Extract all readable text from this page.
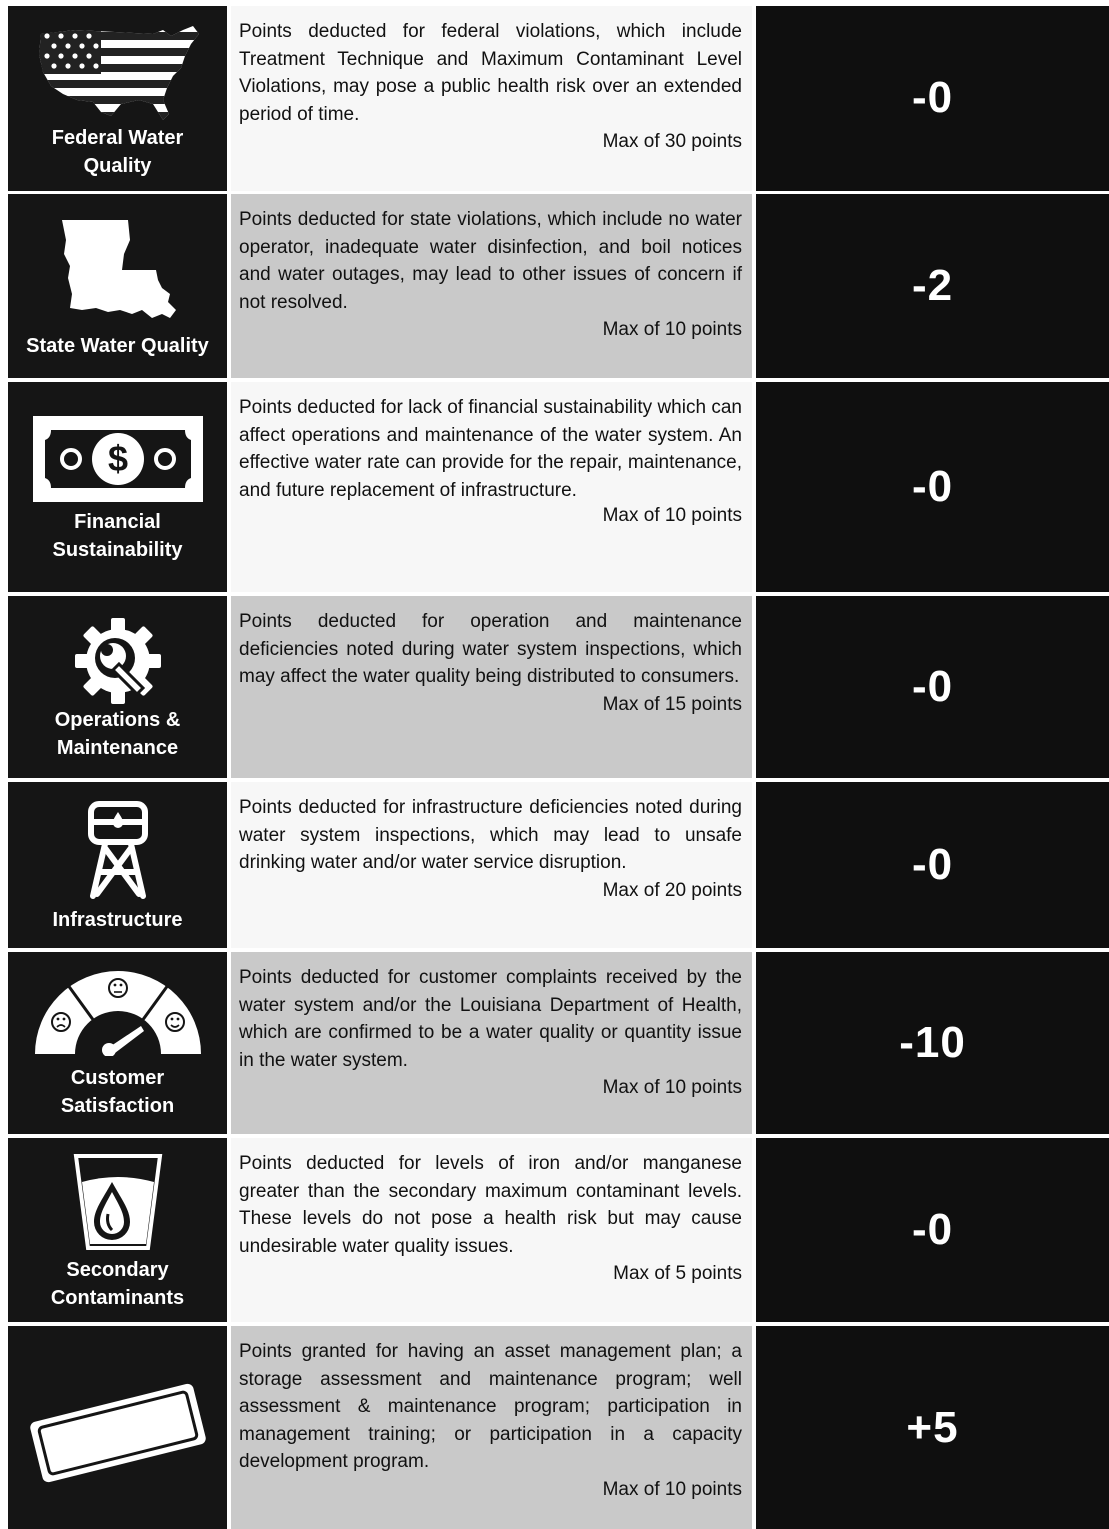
Federal Water Quality

Points deducted for federal violations, which include Treatment Technique and Maximum Contaminant Level Violations, may pose a public health risk over an extended period of time.

Max of 30 points
-0
State Water Quality

Points deducted for state violations, which include no water operator, inadequate water disinfection, and boil notices and water outages, may lead to other issues of concern if not resolved.

Max of 10 points
-2
$
Financial Sustainability

Points deducted for lack of financial sustainability which can affect operations and maintenance of the water system. An effective water rate can provide for the repair, maintenance, and future replacement of infrastructure.

Max of 10 points
-0
Operations & Maintenance

Points deducted for operation and maintenance deficiencies noted during water system inspections, which may affect the water quality being distributed to consumers.

Max of 15 points	-0
Infrastructure

Points deducted for infrastructure deficiencies noted during water system inspections, which may lead to unsafe drinking water and/or water service disruption.

Max of 20 points
-0
Customer Satisfaction

Points deducted for customer complaints received by the water system and/or the Louisiana Department of Health, which are confirmed to be a water quality or quantity issue in the water system.

Max of 10 points
-10
Secondary Contaminants

Points deducted for levels of iron and/or manganese greater than the secondary maximum contaminant levels. These levels do not pose a health risk but may cause undesirable water quality issues.

Max of 5 points
-0

Points granted for having an asset management plan; a storage assessment and maintenance program; well assessment & maintenance program; participation in management training; or participation in a capacity development program.

Max of 10 points
+5
